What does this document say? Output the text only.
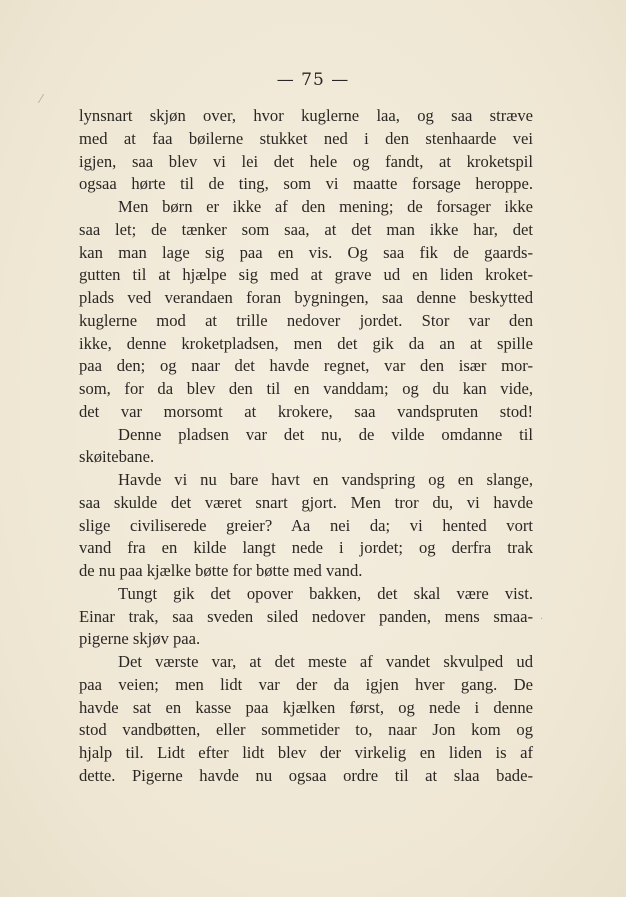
⁄
·
— 75 —
lynsnart skjøn over, hvor kuglerne laa, og saa stræve
med at faa bøilerne stukket ned i den stenhaarde vei
igjen, saa blev vi lei det hele og fandt, at kroketspil
ogsaa hørte til de ting, som vi maatte forsage heroppe.
Men børn er ikke af den mening; de forsager ikke
saa let; de tænker som saa, at det man ikke har, det
kan man lage sig paa en vis. Og saa fik de gaards-
gutten til at hjælpe sig med at grave ud en liden kroket-
plads ved verandaen foran bygningen, saa denne beskytted
kuglerne mod at trille nedover jordet. Stor var den
ikke, denne kroketpladsen, men det gik da an at spille
paa den; og naar det havde regnet, var den især mor-
som, for da blev den til en vanddam; og du kan vide,
det var morsomt at krokere, saa vandspruten stod!
Denne pladsen var det nu, de vilde omdanne til
skøitebane.
Havde vi nu bare havt en vandspring og en slange,
saa skulde det været snart gjort. Men tror du, vi havde
slige civiliserede greier? Aa nei da; vi hented vort
vand fra en kilde langt nede i jordet; og derfra trak
de nu paa kjælke bøtte for bøtte med vand.
Tungt gik det opover bakken, det skal være vist.
Einar trak, saa sveden siled nedover panden, mens smaa-
pigerne skjøv paa.
Det værste var, at det meste af vandet skvulped ud
paa veien; men lidt var der da igjen hver gang. De
havde sat en kasse paa kjælken først, og nede i denne
stod vandbøtten, eller sommetider to, naar Jon kom og
hjalp til. Lidt efter lidt blev der virkelig en liden is af
dette. Pigerne havde nu ogsaa ordre til at slaa bade-
